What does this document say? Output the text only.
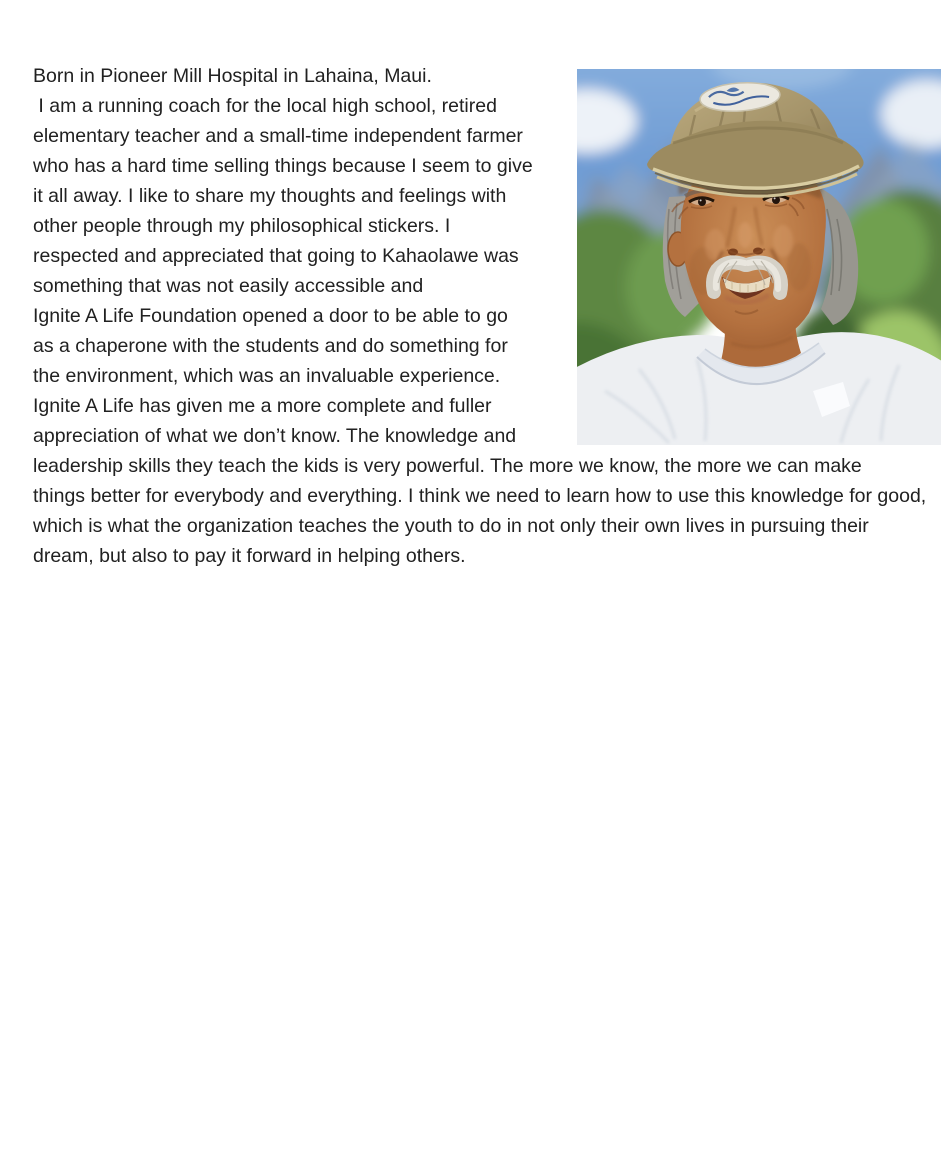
Born in Pioneer Mill Hospital in Lahaina, Maui.
I am a running coach for the local high school, retired
elementary teacher and a small-time independent farmer
who has a hard time selling things because I seem to give
it all away. I like to share my thoughts and feelings with
other people through my philosophical stickers. I
respected and appreciated that going to Kahaolawe was
something that was not easily accessible and
Ignite A Life Foundation opened a door to be able to go
as a chaperone with the students and do something for
the environment, which was an invaluable experience.
Ignite A Life has given me a more complete and fuller
appreciation of what we don’t know. The knowledge and
leadership skills they teach the kids is very powerful. The more we know, the more we can make
things better for everybody and everything. I think we need to learn how to use this knowledge for good,
which is what the organization teaches the youth to do in not only their own lives in pursuing their
dream, but also to pay it forward in helping others.
